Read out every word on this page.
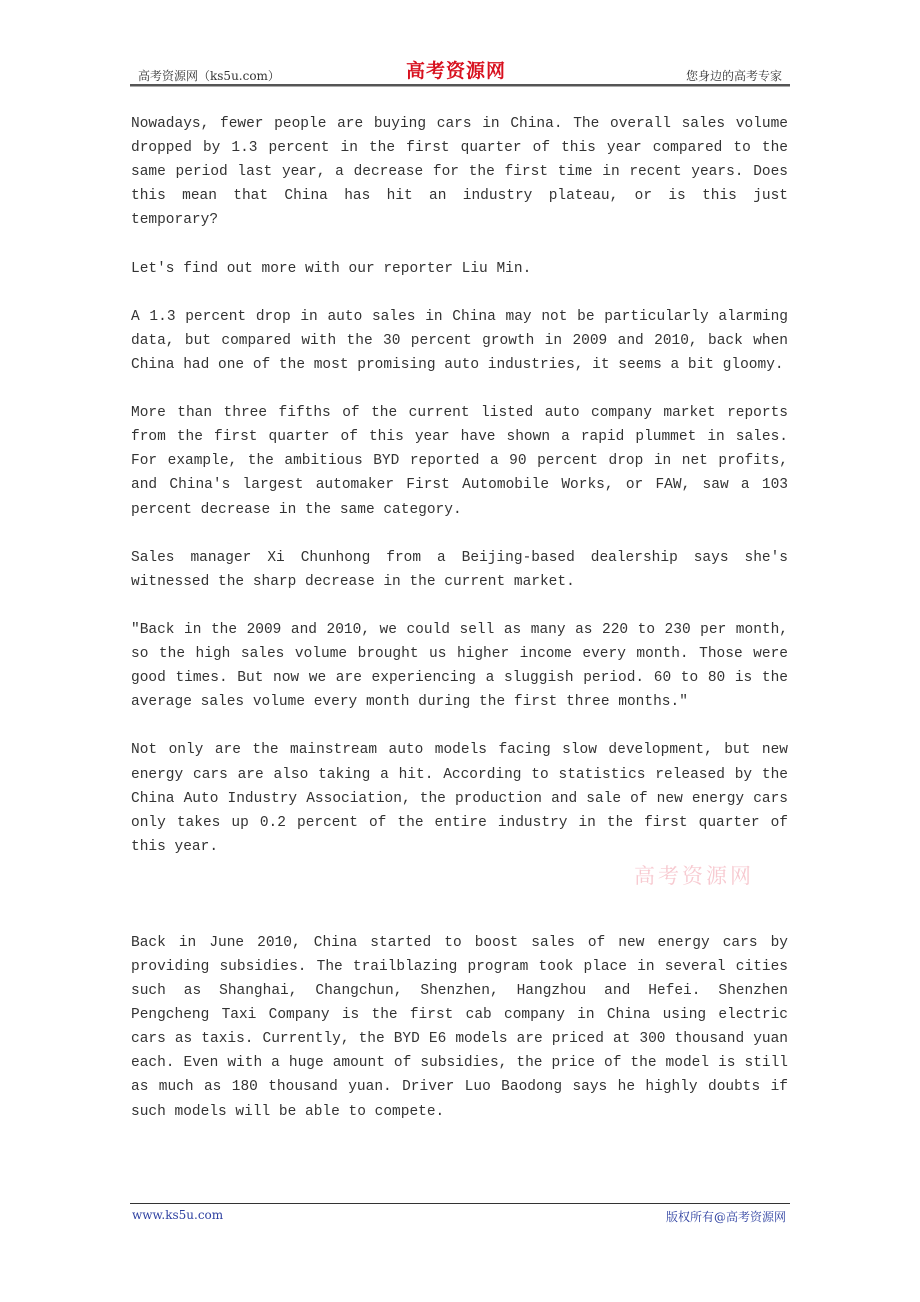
高考资源网（ks5u.com）	高考资源网	您身边的高考专家

Nowadays, fewer people are buying cars in China. The overall sales volume dropped by 1.3 percent in the first quarter of this year compared to the same period last year, a decrease for the first time in recent years. Does this mean that China has hit an industry plateau, or is this just temporary?

Let's find out more with our reporter Liu Min.

A 1.3 percent drop in auto sales in China may not be particularly alarming data, but compared with the 30 percent growth in 2009 and 2010, back when China had one of the most promising auto industries, it seems a bit gloomy.

More than three fifths of the current listed auto company market reports from the first quarter of this year have shown a rapid plummet in sales. For example, the ambitious BYD reported a 90 percent drop in net profits, and China's largest automaker First Automobile Works, or FAW, saw a 103 percent decrease in the same category.

Sales manager Xi Chunhong from a Beijing-based dealership says she's witnessed the sharp decrease in the current market.

"Back in the 2009 and 2010, we could sell as many as 220 to 230 per month, so the high sales volume brought us higher income every month. Those were good times. But now we are experiencing a sluggish period. 60 to 80 is the average sales volume every month during the first three months."

Not only are the mainstream auto models facing slow development, but new energy cars are also taking a hit. According to statistics released by the China Auto Industry Association, the production and sale of new energy cars only takes up 0.2 percent of the entire industry in the first quarter of this year.

Back in June 2010, China started to boost sales of new energy cars by providing subsidies. The trailblazing program took place in several cities such as Shanghai, Changchun, Shenzhen, Hangzhou and Hefei. Shenzhen Pengcheng Taxi Company is the first cab company in China using electric cars as taxis. Currently, the BYD E6 models are priced at 300 thousand yuan each. Even with a huge amount of subsidies, the price of the model is still as much as 180 thousand yuan. Driver Luo Baodong says he highly doubts if such models will be able to compete.

高考资源网
www.ks5u.com	版权所有@高考资源网
